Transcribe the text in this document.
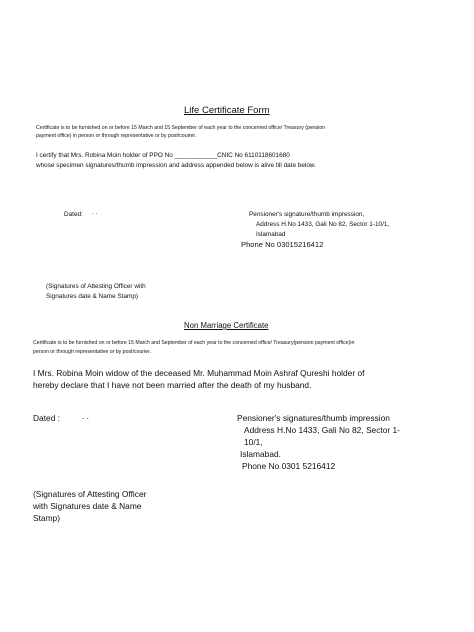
Life Certificate Form
Certificate is to be furnished on or before 15 March and 15 September of each year to the concerned office/ Treasury (pension
payment office) in person or through representative or by post/courier.
I certify that Mrs. Robina Moin holder of PPO No ____________CNIC No 6110118601680
whose specimen signatures/thumb impression and address appended below is alive till date below.
Dated: . .	Pensioner's signature/thumb impression,
Address H.No 1433, Gali No 82, Sector 1-10/1,
Islamabad
Phone No 03015216412
(Signatures of Attesting Officer with
Signatures date & Name Stamp)
Non Marriage Certificate
Certificate is to be furnished on or before 15 March and September of each year to the concerned office/ Treasury(pension payment office)in
person or through representative or by post/courier.
I Mrs. Robina Moin widow of the deceased Mr. Muhammad Moin Ashraf Qureshi holder of
hereby declare that I have not been married after the death of my husband.
Dated :	. .	Pensioner's signatures/thumb impression
Address H.No 1433, Gali No 82, Sector 1-
10/1,
Islamabad.
Phone No 0301 5216412
(Signatures of Attesting Officer
with Signatures date & Name
Stamp)
